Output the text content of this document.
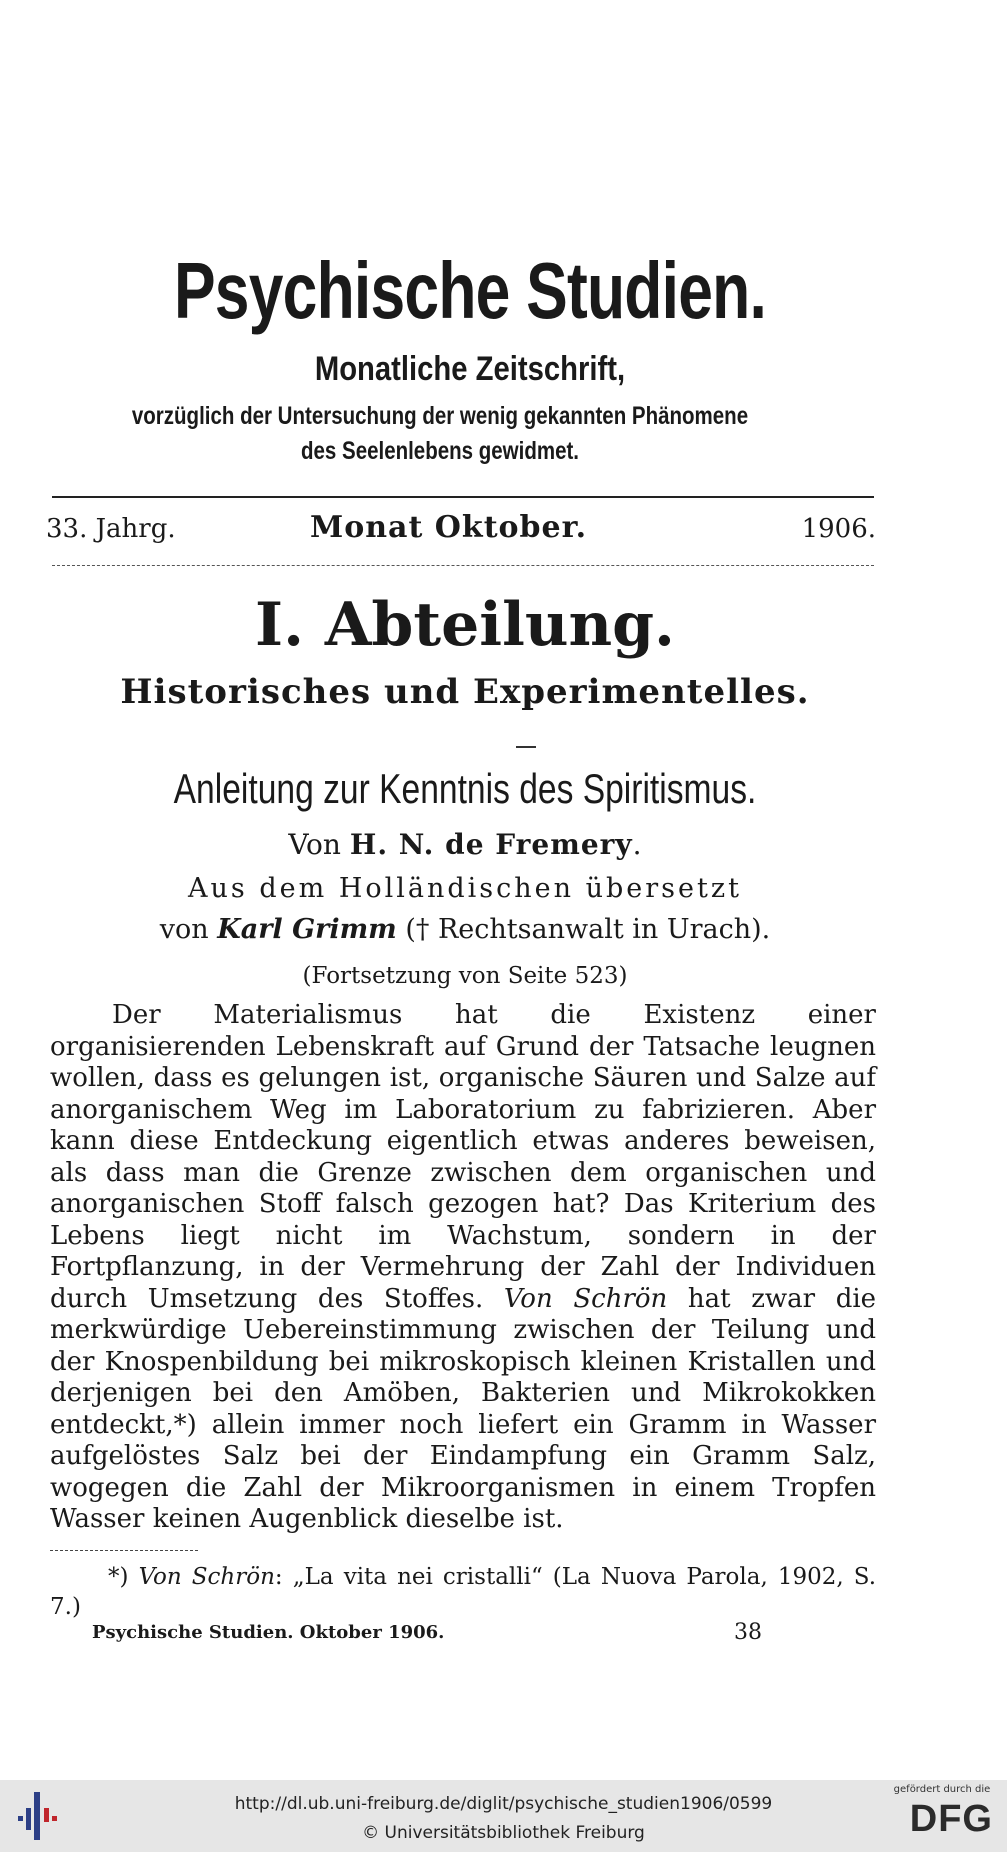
Psychische Studien.
Monatliche Zeitschrift,
vorzüglich der Untersuchung der wenig gekannten Phänomene
des Seelenlebens gewidmet.
33. Jahrg.	Monat Oktober.	1906.
I. Abteilung.
Historisches und Experimentelles.
Anleitung zur Kenntnis des Spiritismus.
Von H. N. de Fremery.
Aus dem Holländischen übersetzt
von Karl Grimm († Rechtsanwalt in Urach).
(Fortsetzung von Seite 523)
Der Materialismus hat die Existenz einer organisierenden Lebenskraft auf Grund der Tatsache leugnen wollen, dass es gelungen ist, organische Säuren und Salze auf anorganischem Weg im Laboratorium zu fabrizieren. Aber kann diese Entdeckung eigentlich etwas anderes beweisen, als dass man die Grenze zwischen dem organischen und anorganischen Stoff falsch gezogen hat? Das Kriterium des Lebens liegt nicht im Wachstum, sondern in der Fortpflanzung, in der Vermehrung der Zahl der Individuen durch Umsetzung des Stoffes. Von Schrön hat zwar die merkwürdige Uebereinstimmung zwischen der Teilung und der Knospenbildung bei mikroskopisch kleinen Kristallen und derjenigen bei den Amöben, Bakterien und Mikrokokken entdeckt,*) allein immer noch liefert ein Gramm in Wasser aufgelöstes Salz bei der Eindampfung ein Gramm Salz, wogegen die Zahl der Mikroorganismen in einem Tropfen Wasser keinen Augenblick dieselbe ist.
*) Von Schrön: „La vita nei cristalli“ (La Nuova Parola, 1902, S. 7.)
Psychische Studien. Oktober 1906.	38
http://dl.ub.uni-freiburg.de/diglit/psychische_studien1906/0599
© Universitätsbibliothek Freiburg
gefördert durch die
DFG
